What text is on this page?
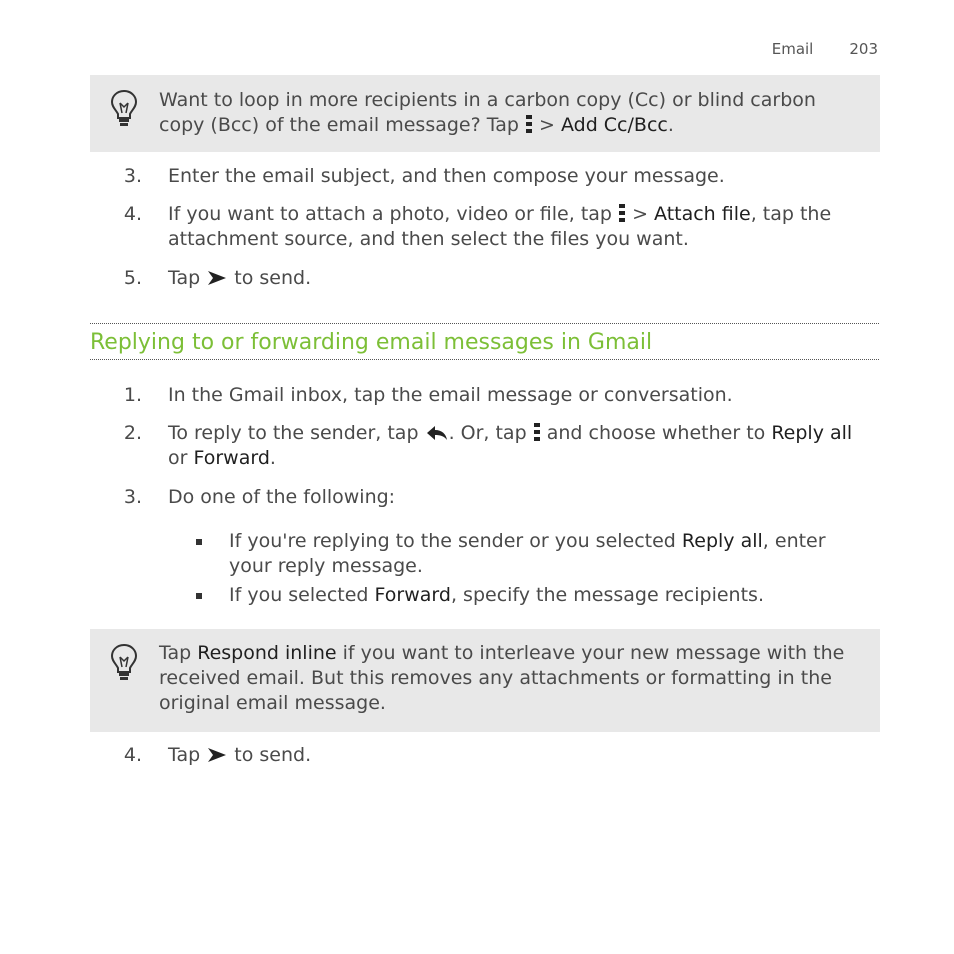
Email 203
Want to loop in more recipients in a carbon copy (Cc) or blind carbon copy (Bcc) of the email message? Tap > Add Cc/Bcc.
3. Enter the email subject, and then compose your message.
4. If you want to attach a photo, video or file, tap > Attach file, tap the attachment source, and then select the files you want.
5. Tap to send.
Replying to or forwarding email messages in Gmail
1. In the Gmail inbox, tap the email message or conversation.
2. To reply to the sender, tap . Or, tap and choose whether to Reply all or Forward.
3. Do one of the following:
If you're replying to the sender or you selected Reply all, enter your reply message.
If you selected Forward, specify the message recipients.
Tap Respond inline if you want to interleave your new message with the received email. But this removes any attachments or formatting in the original email message.
4. Tap to send.
